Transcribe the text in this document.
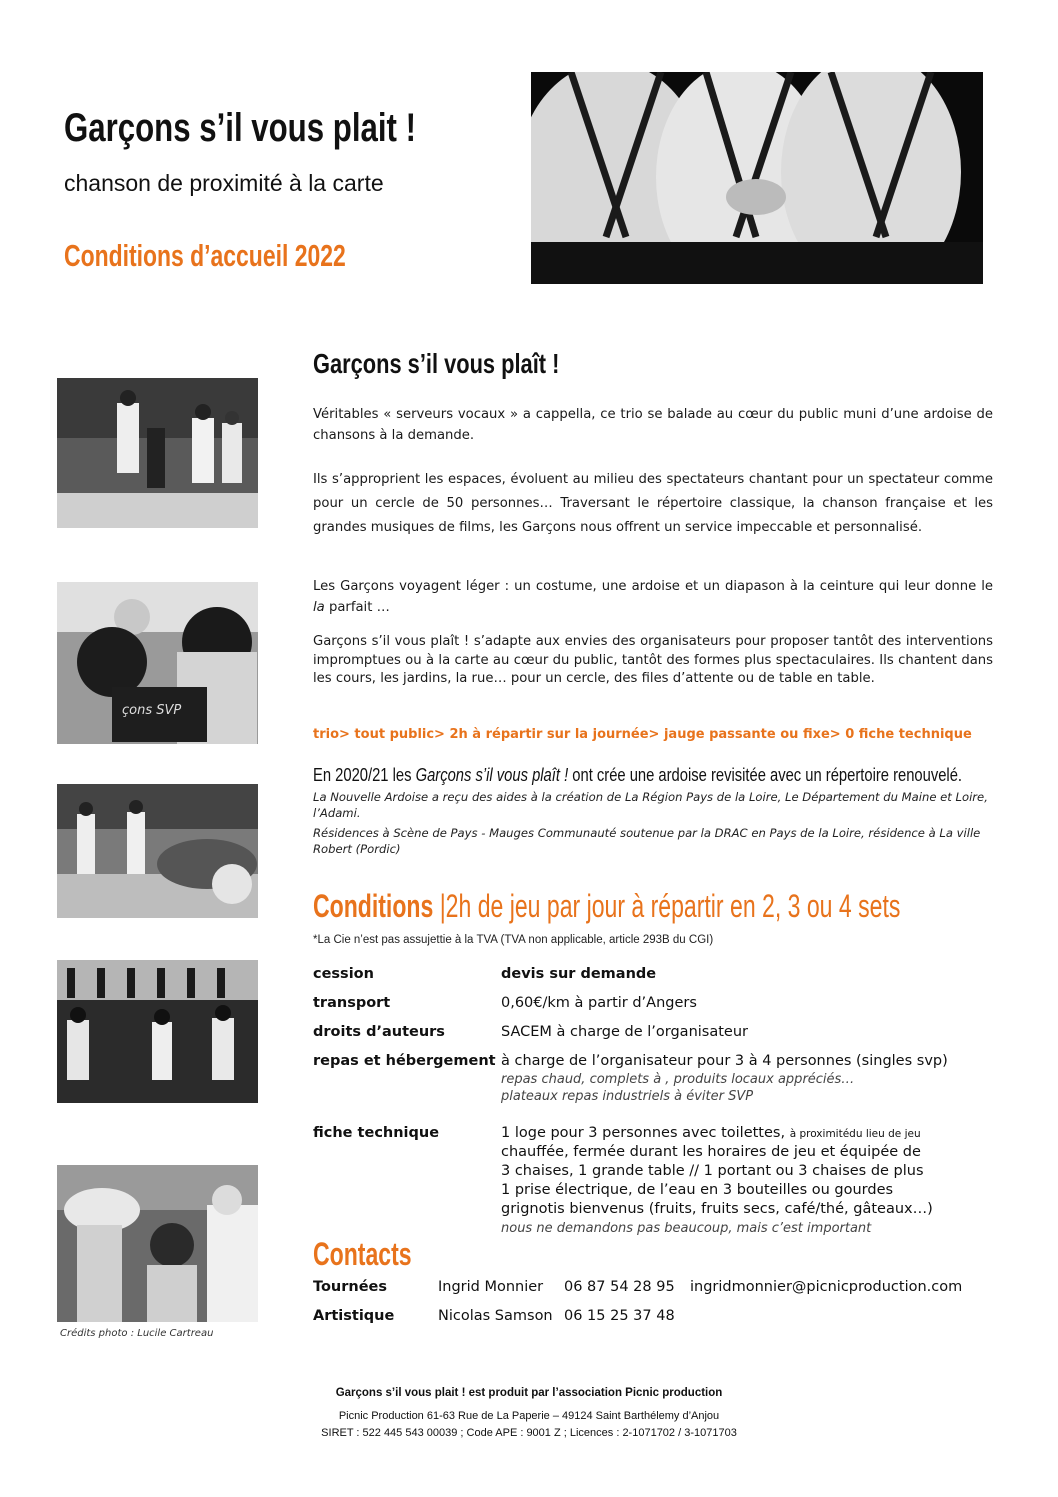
Garçons s’il vous plait !
chanson de proximité à la carte
Conditions d’accueil 2022
çons SVP
Garçons s’il vous plaît !
Véritables « serveurs vocaux » a cappella, ce trio se balade au cœur du public muni d’une ardoise de chansons à la demande.
Ils s’approprient les espaces, évoluent au milieu des spectateurs chantant pour un spectateur comme pour un cercle de 50 personnes… Traversant le répertoire classique, la chanson française et les grandes musiques de films, les Garçons nous offrent un service impeccable et personnalisé.
Les Garçons voyagent léger : un costume, une ardoise et un diapason à la ceinture qui leur donne le la parfait …
Garçons s’il vous plaît ! s’adapte aux envies des organisateurs pour proposer tantôt des interventions impromptues ou à la carte au cœur du public, tantôt des formes plus spectaculaires. Ils chantent dans les cours, les jardins, la rue… pour un cercle, des files d’attente ou de table en table.
trio> tout public> 2h à répartir sur la journée> jauge passante ou fixe> 0 fiche technique
En 2020/21 les Garçons s’il vous plaît ! ont crée une ardoise revisitée avec un répertoire renouvelé.
La Nouvelle Ardoise a reçu des aides à la création de La Région Pays de la Loire, Le Département du Maine et Loire, l’Adami.
Résidences à Scène de Pays - Mauges Communauté soutenue par la DRAC en Pays de la Loire, résidence à La ville Robert (Pordic)
Conditions |2h de jeu par jour à répartir en 2, 3 ou 4 sets
*La Cie n’est pas assujettie à la TVA (TVA non applicable, article 293B du CGI)
cession	devis sur demande
transport	0,60€/km à partir d’Angers
droits d’auteurs	SACEM à charge de l’organisateur
repas et hébergement à charge de l’organisateur pour 3 à 4 personnes (singles svp)
repas chaud, complets à , produits locaux appréciés…
plateaux repas industriels à éviter SVP
fiche technique	1 loge pour 3 personnes avec toilettes, à proximitédu lieu de jeu
chauffée, fermée durant les horaires de jeu et équipée de
3 chaises, 1 grande table // 1 portant ou 3 chaises de plus
1 prise électrique, de l’eau en 3 bouteilles ou gourdes
grignotis bienvenus (fruits, fruits secs, café/thé, gâteaux…)
nous ne demandons pas beaucoup, mais c’est important
Contacts
Tournées	Ingrid Monnier 06 87 54 28 95 ingridmonnier@picnicproduction.com
Artistique	Nicolas Samson 06 15 25 37 48
Crédits photo : Lucile Cartreau
Garçons s’il vous plait ! est produit par l’association Picnic production
Picnic Production 61-63 Rue de La Paperie – 49124 Saint Barthélemy d’Anjou
SIRET : 522 445 543 00039 ; Code APE : 9001 Z ; Licences : 2-1071702 / 3-1071703
